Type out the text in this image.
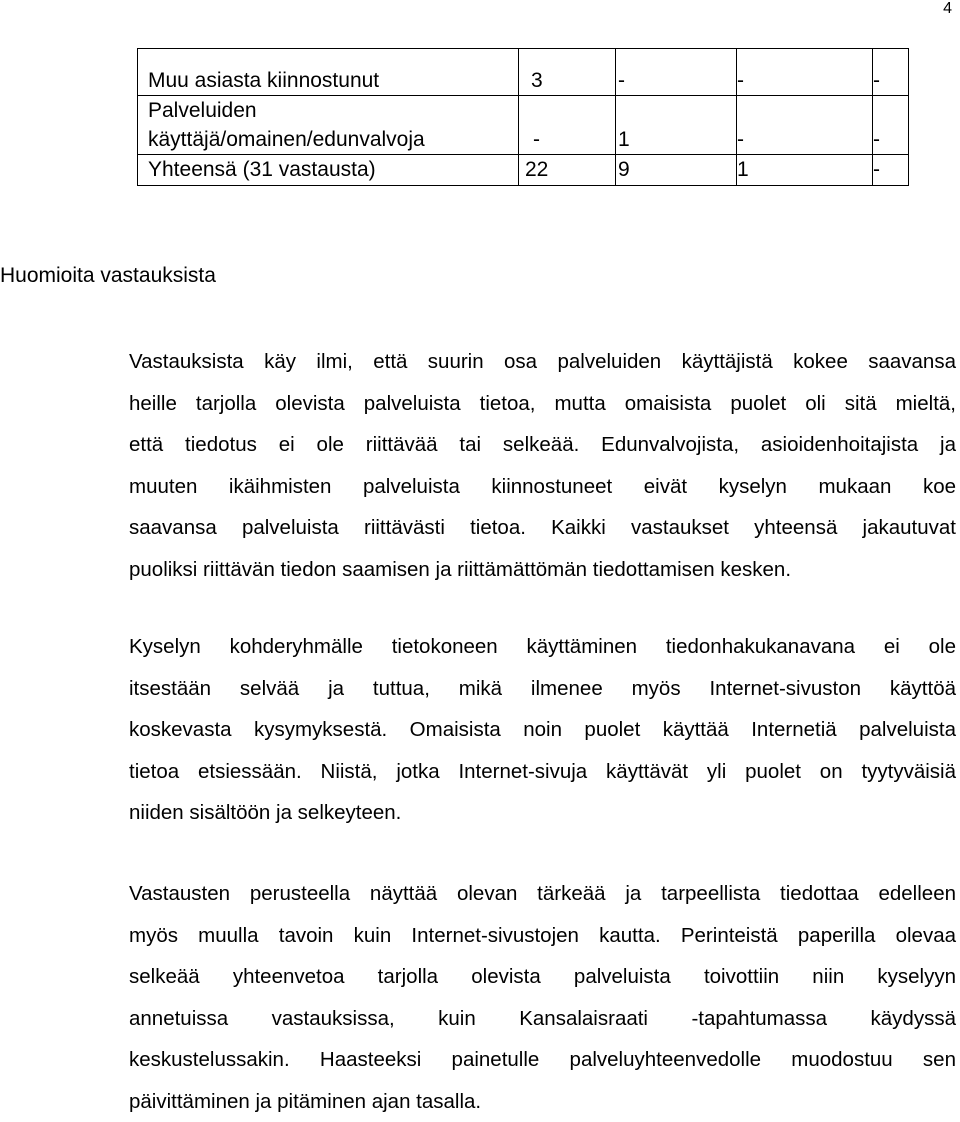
4
Muu asiasta kiinnostunut	3	-	-	-
Palveluiden
käyttäjä/omainen/edunvalvoja	-	1	-	-
Yhteensä (31 vastausta)	22	9	1	-
Huomioita vastauksista
Vastauksista käy ilmi, että suurin osa palveluiden käyttäjistä kokee saavansa
heille tarjolla olevista palveluista tietoa, mutta omaisista puolet oli sitä mieltä,
että tiedotus ei ole riittävää tai selkeää. Edunvalvojista, asioidenhoitajista ja
muuten ikäihmisten palveluista kiinnostuneet eivät kyselyn mukaan koe
saavansa palveluista riittävästi tietoa. Kaikki vastaukset yhteensä jakautuvat
puoliksi riittävän tiedon saamisen ja riittämättömän tiedottamisen kesken.
Kyselyn kohderyhmälle tietokoneen käyttäminen tiedonhakukanavana ei ole
itsestään selvää ja tuttua, mikä ilmenee myös Internet-sivuston käyttöä
koskevasta kysymyksestä. Omaisista noin puolet käyttää Internetiä palveluista
tietoa etsiessään. Niistä, jotka Internet-sivuja käyttävät yli puolet on tyytyväisiä
niiden sisältöön ja selkeyteen.
Vastausten perusteella näyttää olevan tärkeää ja tarpeellista tiedottaa edelleen
myös muulla tavoin kuin Internet-sivustojen kautta. Perinteistä paperilla olevaa
selkeää yhteenvetoa tarjolla olevista palveluista toivottiin niin kyselyyn
annetuissa vastauksissa, kuin Kansalaisraati -tapahtumassa käydyssä
keskustelussakin. Haasteeksi painetulle palveluyhteenvedolle muodostuu sen
päivittäminen ja pitäminen ajan tasalla.
